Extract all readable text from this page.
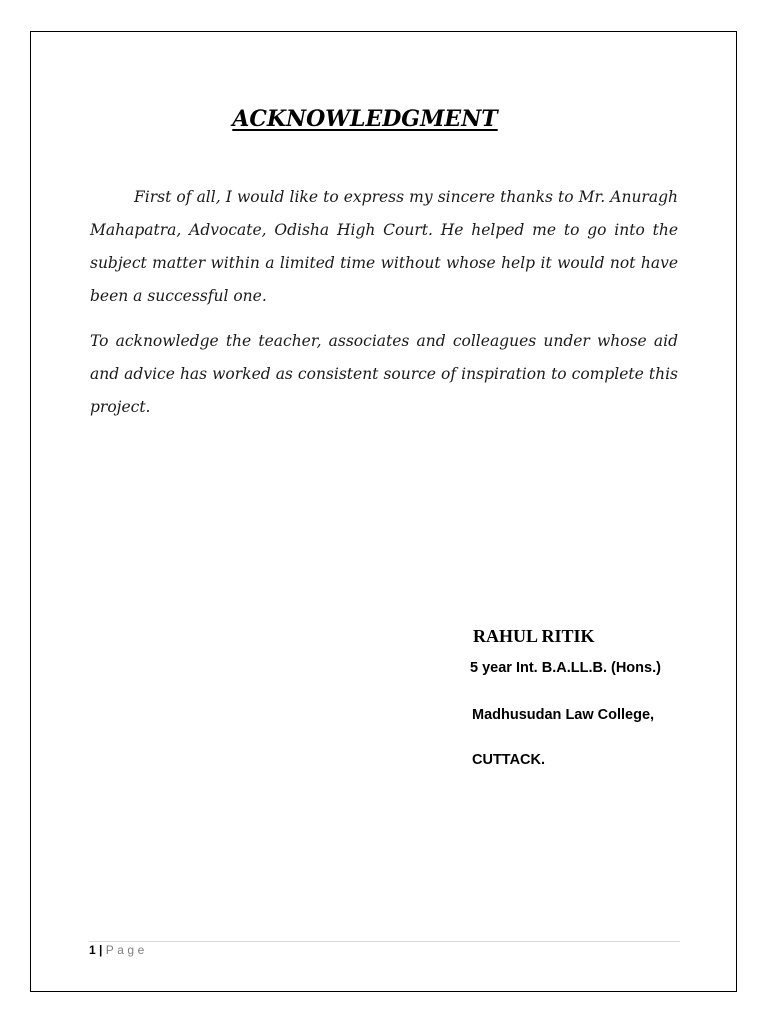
ACKNOWLEDGMENT

First of all, I would like to express my sincere thanks to Mr. Anuragh Mahapatra, Advocate, Odisha High Court. He helped me to go into the subject matter within a limited time without whose help it would not have been a successful one.

To acknowledge the teacher, associates and colleagues under whose aid and advice has worked as consistent source of inspiration to complete this project.

RAHUL RITIK
5 year Int. B.A.LL.B. (Hons.)
Madhusudan Law College,
CUTTACK.
1 | Page
